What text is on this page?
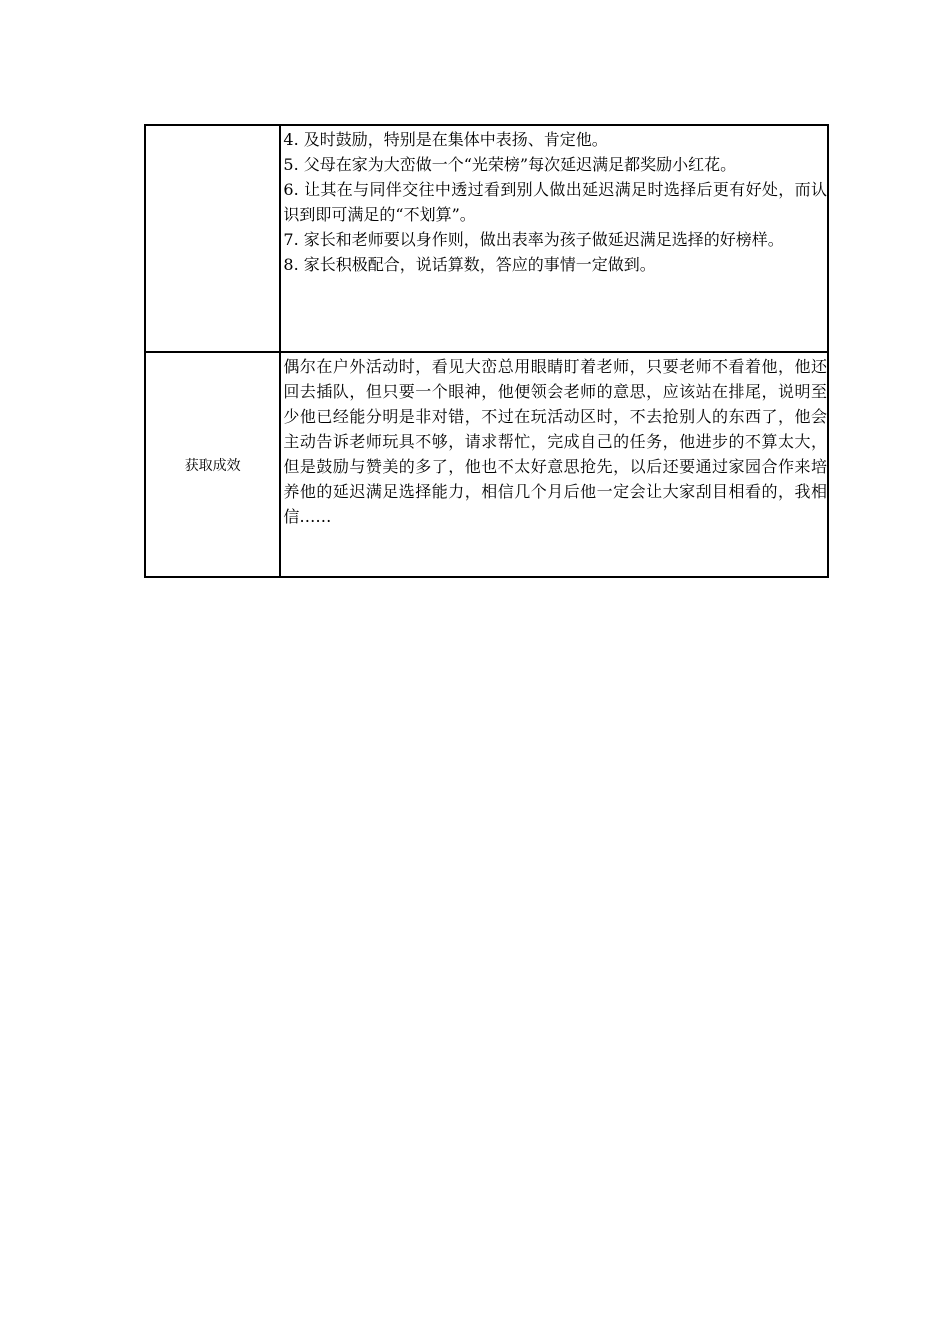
	4. 及时鼓励，特别是在集体中表扬、肯定他。

5. 父母在家为大峦做一个“光荣榜”每次延迟满足都奖励小红花。

6. 让其在与同伴交往中透过看到别人做出延迟满足时选择后更有好处，而认识到即可满足的“不划算”。

7. 家长和老师要以身作则，做出表率为孩子做延迟满足选择的好榜样。

8. 家长积极配合，说话算数，答应的事情一定做到。

获取成效	偶尔在户外活动时，看见大峦总用眼睛盯着老师，只要老师不看着他，他还回去插队，但只要一个眼神，他便领会老师的意思，应该站在排尾，说明至少他已经能分明是非对错，不过在玩活动区时，不去抢别人的东西了，他会主动告诉老师玩具不够，请求帮忙，完成自己的任务，他进步的不算太大，但是鼓励与赞美的多了，他也不太好意思抢先，以后还要通过家园合作来培养他的延迟满足选择能力，相信几个月后他一定会让大家刮目相看的，我相信……
